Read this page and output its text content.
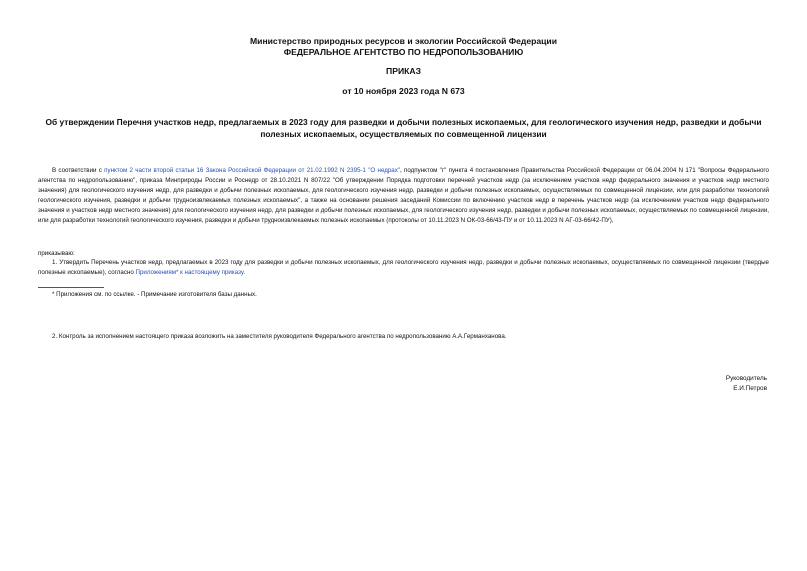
Министерство природных ресурсов и экологии Российской Федерации
ФЕДЕРАЛЬНОЕ АГЕНТСТВО ПО НЕДРОПОЛЬЗОВАНИЮ
ПРИКАЗ
от 10 ноября 2023 года N 673
Об утверждении Перечня участков недр, предлагаемых в 2023 году для разведки и добычи полезных ископаемых, для геологического изучения недр, разведки и добычи полезных ископаемых, осуществляемых по совмещенной лицензии
В соответствии с пунктом 2 части второй статьи 16 Закона Российской Федерации от 21.02.1992 N 2395-1 "О недрах", подпунктом "г" пункта 4 постановления Правительства Российской Федерации от 06.04.2004 N 171 "Вопросы Федерального агентства по недропользованию", приказа Минприроды России и Роснедр от 28.10.2021 N 807/22 "Об утверждении Порядка подготовки перечней участков недр (за исключением участков недр федерального значения и участков недр местного значения) для геологического изучения недр, для разведки и добычи полезных ископаемых, для геологического изучения недр, разведки и добычи полезных ископаемых, осуществляемых по совмещенной лицензии, или для разработки технологий геологического изучения, разведки и добычи трудноизвлекаемых полезных ископаемых", а также на основании решения заседаний Комиссии по включению участков недр в перечень участков недр (за исключением участков недр федерального значения и участков недр местного значения) для геологического изучения недр, для разведки и добычи полезных ископаемых, для геологического изучения недр, разведки и добычи полезных ископаемых, осуществляемых по совмещенной лицензии, или для разработки технологий геологического изучения, разведки и добычи трудноизвлекаемых полезных ископаемых (протоколы от 10.11.2023 N ОК-03-66/43-ПУ и от 10.11.2023 N АГ-03-66/42-ПУ),
приказываю:
1. Утвердить Перечень участков недр, предлагаемых в 2023 году для разведки и добычи полезных ископаемых, для геологического изучения недр, разведки и добычи полезных ископаемых, осуществляемых по совмещенной лицензии (твердые полезные ископаемые), согласно Приложениям* к настоящему приказу.
* Приложения см. по ссылке. - Примечание изготовителя базы данных.
2. Контроль за исполнением настоящего приказа возложить на заместителя руководителя Федерального агентства по недропользованию А.А.Германханова.
Руководитель
Е.И.Петров
